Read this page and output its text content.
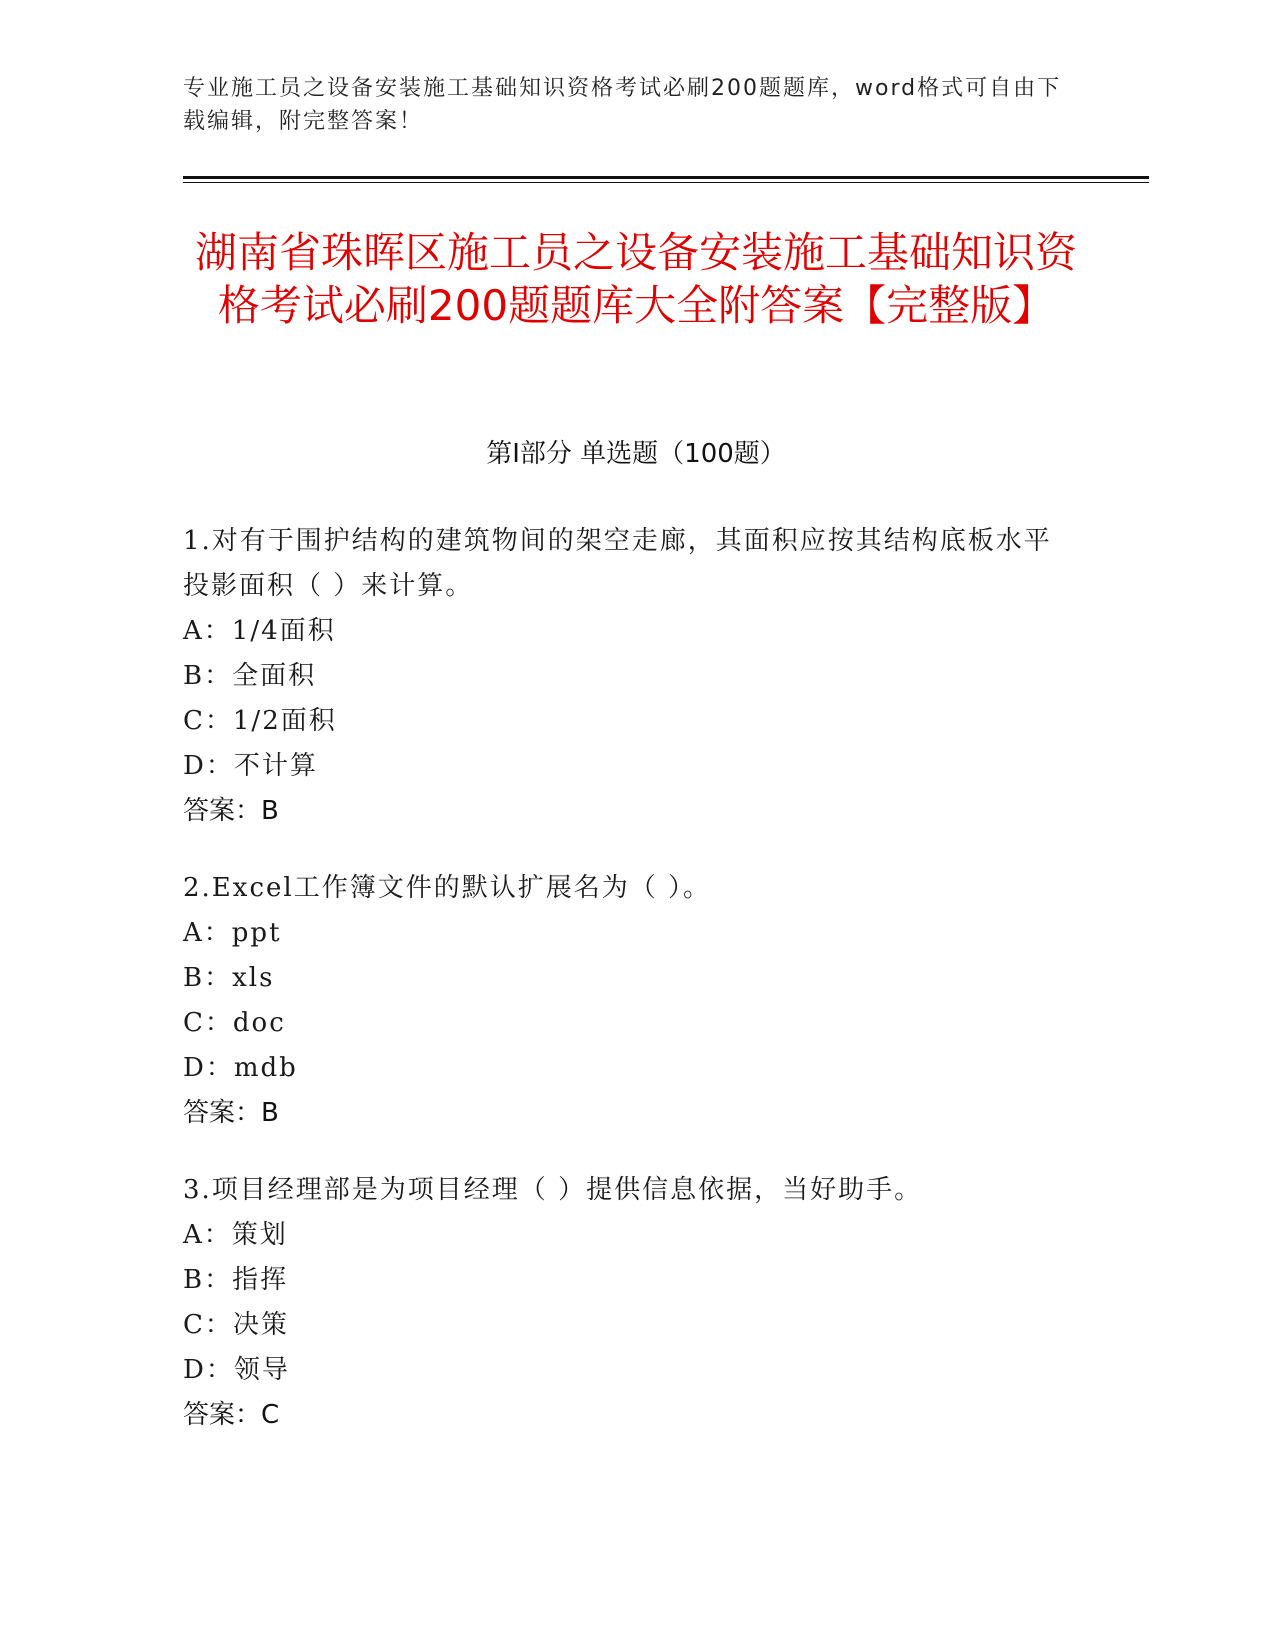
专业施工员之设备安装施工基础知识资格考试必刷200题题库，word格式可自由下载编辑，附完整答案！
湖南省珠晖区施工员之设备安装施工基础知识资格考试必刷200题题库大全附答案【完整版】
第I部分 单选题（100题）
1.对有于围护结构的建筑物间的架空走廊，其面积应按其结构底板水平投影面积（ ）来计算。
A：1/4面积
B：全面积
C：1/2面积
D：不计算
答案：B
2.Excel工作簿文件的默认扩展名为（ ）。
A：ppt
B：xls
C：doc
D：mdb
答案：B
3.项目经理部是为项目经理（ ）提供信息依据，当好助手。
A：策划
B：指挥
C：决策
D：领导
答案：C
